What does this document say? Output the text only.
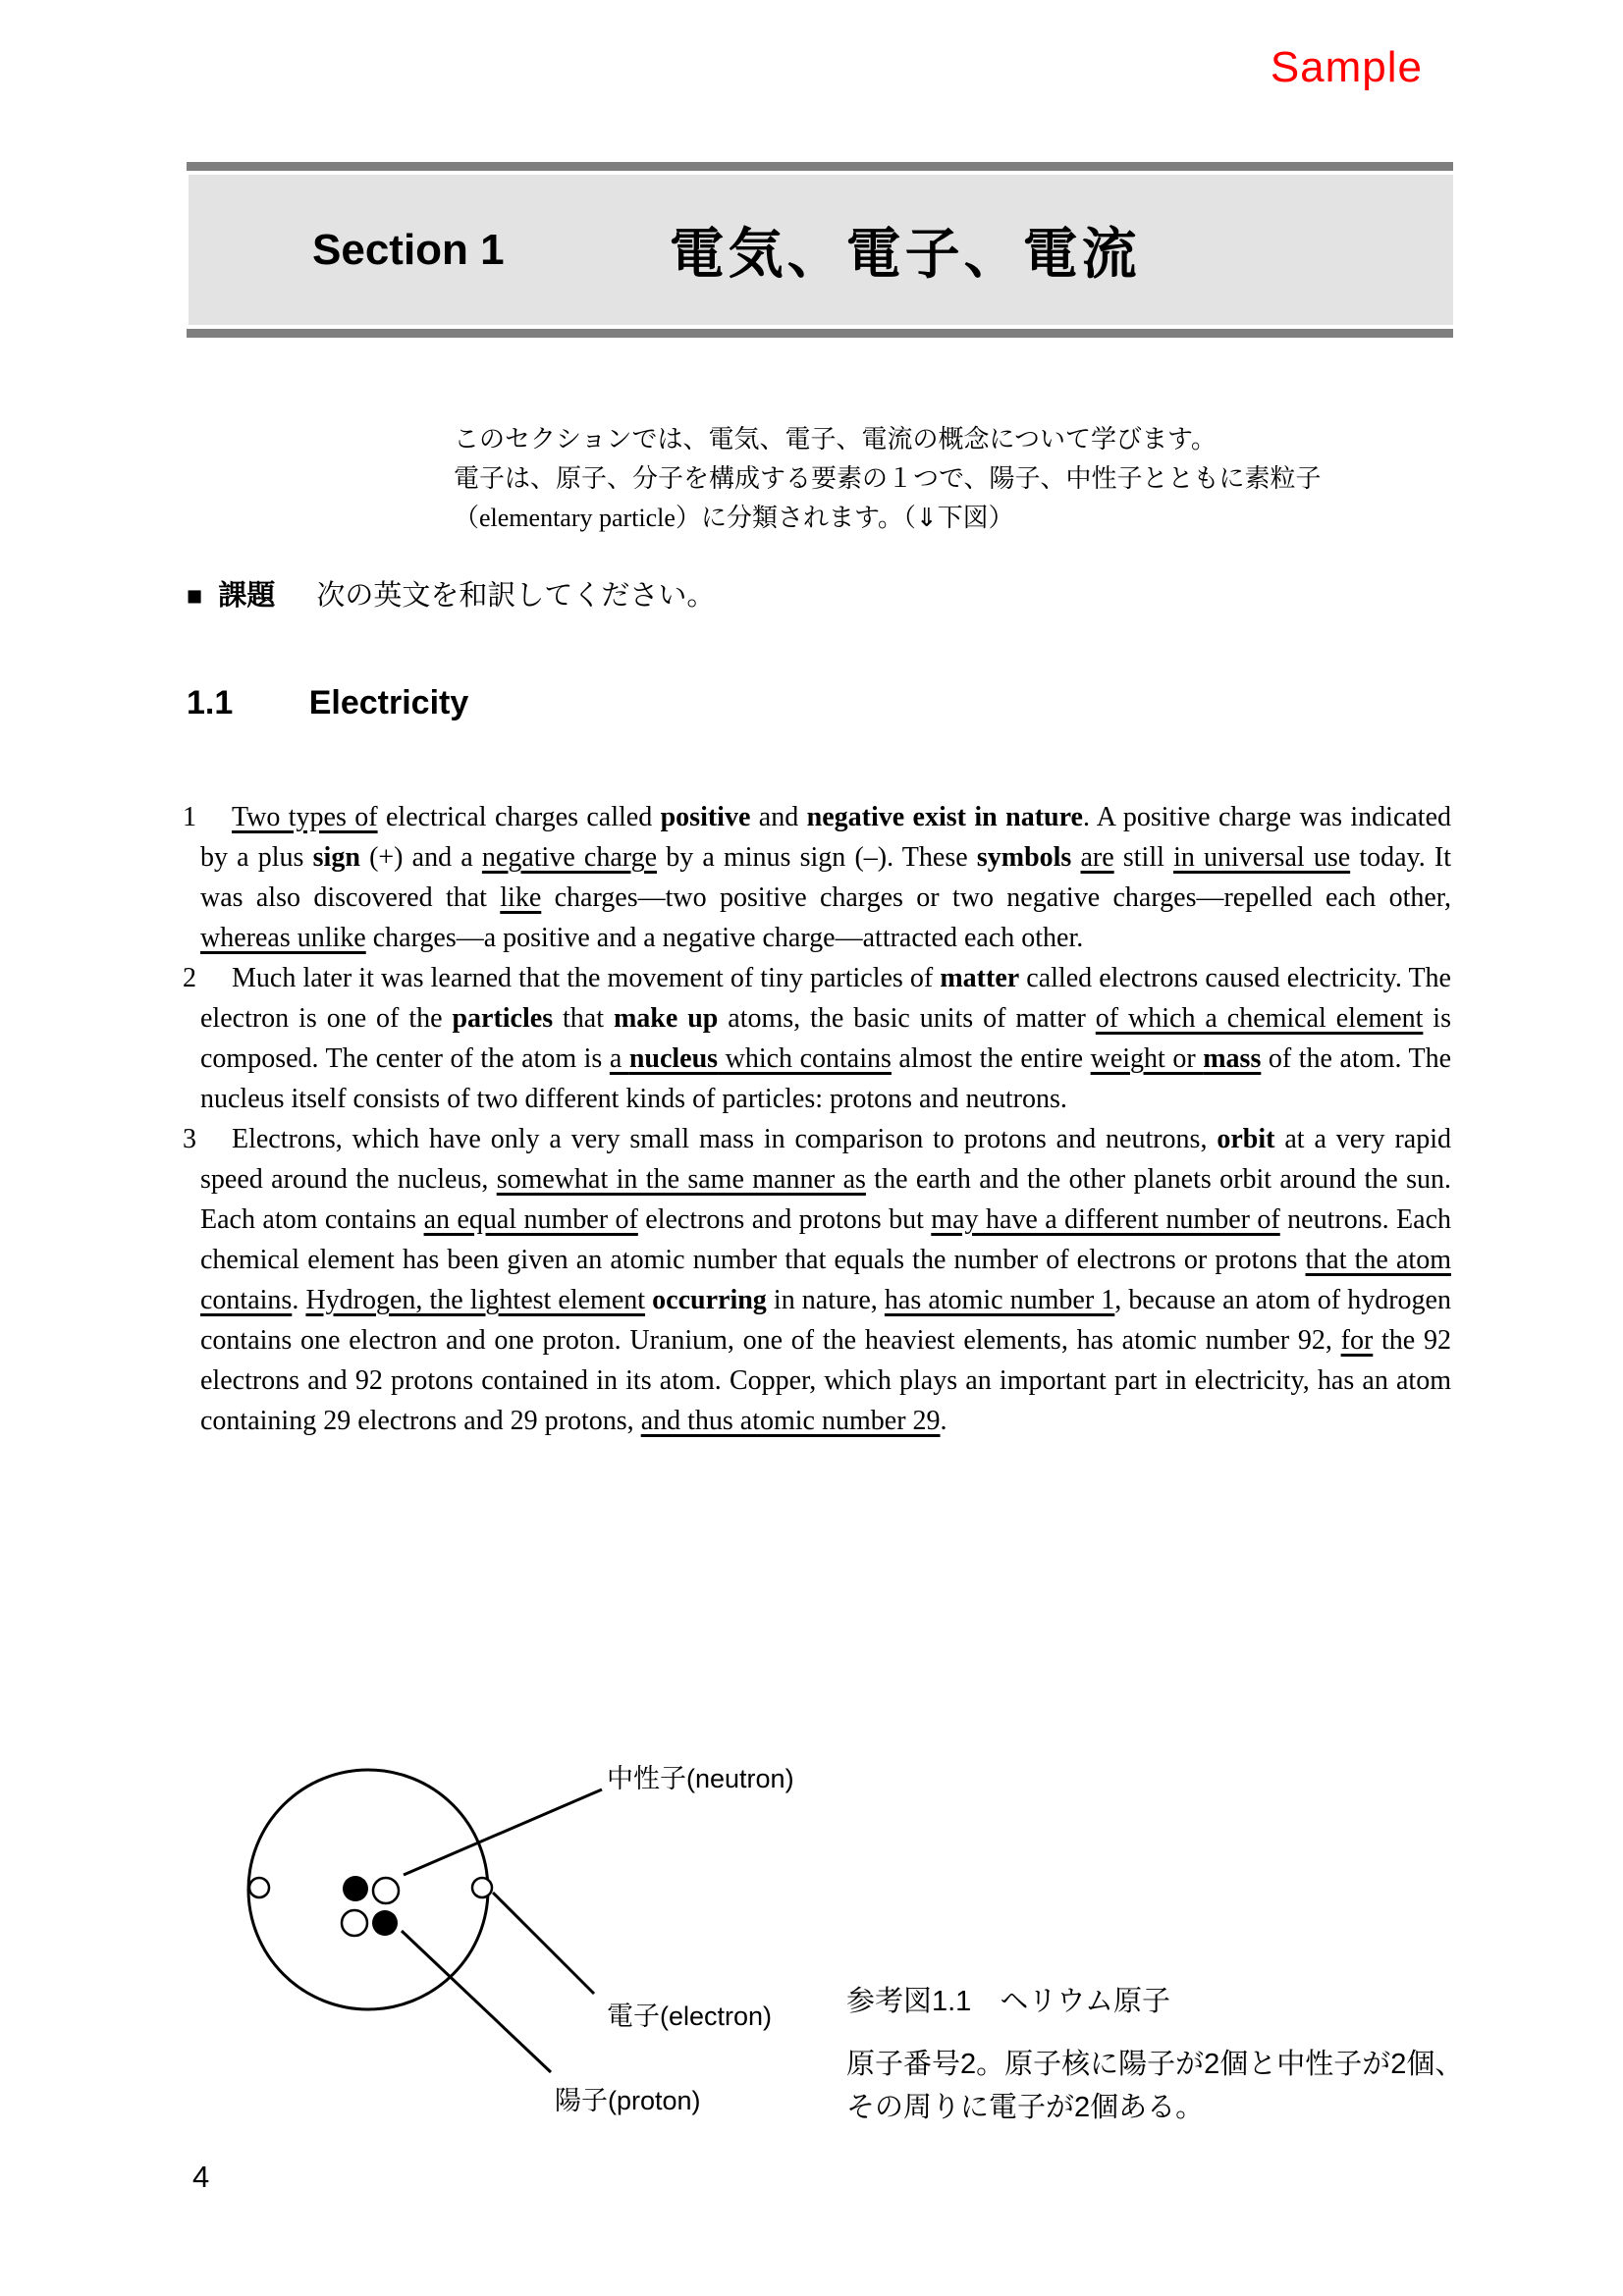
Sample
Section 1	電気、電子、電流
このセクションでは、電気、電子、電流の概念について学びます。
電子は、原子、分子を構成する要素の１つで、陽子、中性子とともに素粒子
（elementary particle）に分類されます。（⇓下図）
■ 課題 次の英文を和訳してください。
1.1 Electricity
1	Two types of electrical charges called positive and negative exist in nature. A positive charge was indicated by a plus sign (+) and a negative charge by a minus sign (–). These symbols are still in universal use today. It was also discovered that like charges—two positive charges or two negative charges—repelled each other, whereas unlike charges—a positive and a negative charge—attracted each other.
2	Much later it was learned that the movement of tiny particles of matter called electrons caused electricity. The electron is one of the particles that make up atoms, the basic units of matter of which a chemical element is composed. The center of the atom is a nucleus which contains almost the entire weight or mass of the atom. The nucleus itself consists of two different kinds of particles: protons and neutrons.
3	Electrons, which have only a very small mass in comparison to protons and neutrons, orbit at a very rapid speed around the nucleus, somewhat in the same manner as the earth and the other planets orbit around the sun. Each atom contains an equal number of electrons and protons but may have a different number of neutrons. Each chemical element has been given an atomic number that equals the number of electrons or protons that the atom contains. Hydrogen, the lightest element occurring in nature, has atomic number 1, because an atom of hydrogen contains one electron and one proton. Uranium, one of the heaviest elements, has atomic number 92, for the 92 electrons and 92 protons contained in its atom. Copper, which plays an important part in electricity, has an atom containing 29 electrons and 29 protons, and thus atomic number 29.
中性子(neutron)
電子(electron)
陽子(proton)
参考図1.1　ヘリウム原子
原子番号2。原子核に陽子が2個と中性子が2個、
その周りに電子が2個ある。
4
